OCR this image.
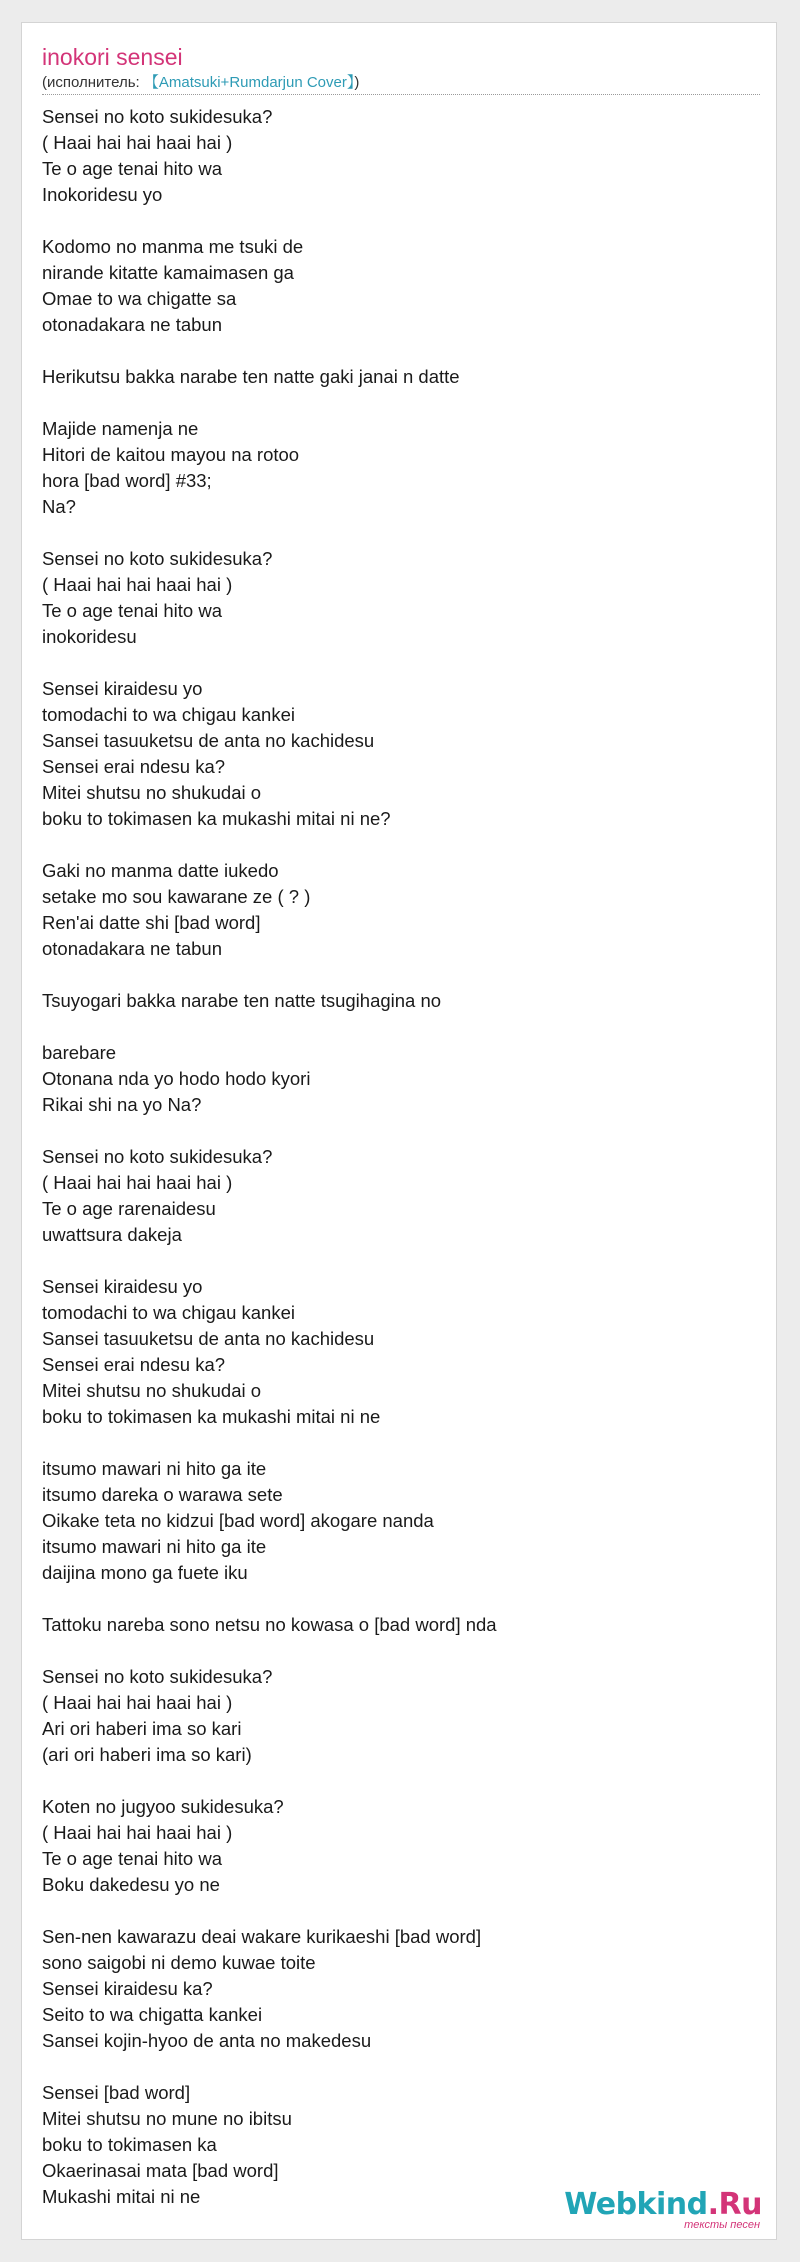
inokori sensei
(исполнитель: 【Amatsuki+Rumdarjun Cover】)
Sensei no koto sukidesuka?
( Haai hai hai haai hai )
Te o age tenai hito wa
Inokoridesu yo
Kodomo no manma me tsuki de
nirande kitatte kamaimasen ga
Omae to wa chigatte sa
otonadakara ne tabun
Herikutsu bakka narabe ten natte gaki janai n datte
Majide namenja ne
Hitori de kaitou mayou na rotoo
hora [bad word] #33;
Na?
Sensei no koto sukidesuka?
( Haai hai hai haai hai )
Te o age tenai hito wa
inokoridesu
Sensei kiraidesu yo
tomodachi to wa chigau kankei
Sansei tasuuketsu de anta no kachidesu
Sensei erai ndesu ka?
Mitei shutsu no shukudai o
boku to tokimasen ka mukashi mitai ni ne?
Gaki no manma datte iukedo
setake mo sou kawarane ze ( ? )
Ren'ai datte shi [bad word]
otonadakara ne tabun
Tsuyogari bakka narabe ten natte tsugihagina no
barebare
Otonana nda yo hodo hodo kyori
Rikai shi na yo Na?
Sensei no koto sukidesuka?
( Haai hai hai haai hai )
Te o age rarenaidesu
uwattsura dakeja
Sensei kiraidesu yo
tomodachi to wa chigau kankei
Sansei tasuuketsu de anta no kachidesu
Sensei erai ndesu ka?
Mitei shutsu no shukudai o
boku to tokimasen ka mukashi mitai ni ne
itsumo mawari ni hito ga ite
itsumo dareka o warawa sete
Oikake teta no kidzui [bad word] akogare nanda
itsumo mawari ni hito ga ite
daijina mono ga fuete iku
Tattoku nareba sono netsu no kowasa o [bad word] nda
Sensei no koto sukidesuka?
( Haai hai hai haai hai )
Ari ori haberi ima so kari
(ari ori haberi ima so kari)
Koten no jugyoo sukidesuka?
( Haai hai hai haai hai )
Te o age tenai hito wa
Boku dakedesu yo ne
Sen-nen kawarazu deai wakare kurikaeshi [bad word]
sono saigobi ni demo kuwae toite
Sensei kiraidesu ka?
Seito to wa chigatta kankei
Sansei kojin-hyoo de anta no makedesu
Sensei [bad word]
Mitei shutsu no mune no ibitsu
boku to tokimasen ka
Okaerinasai mata [bad word]
Mukashi mitai ni ne	Webkind.Ru
тексты песен
